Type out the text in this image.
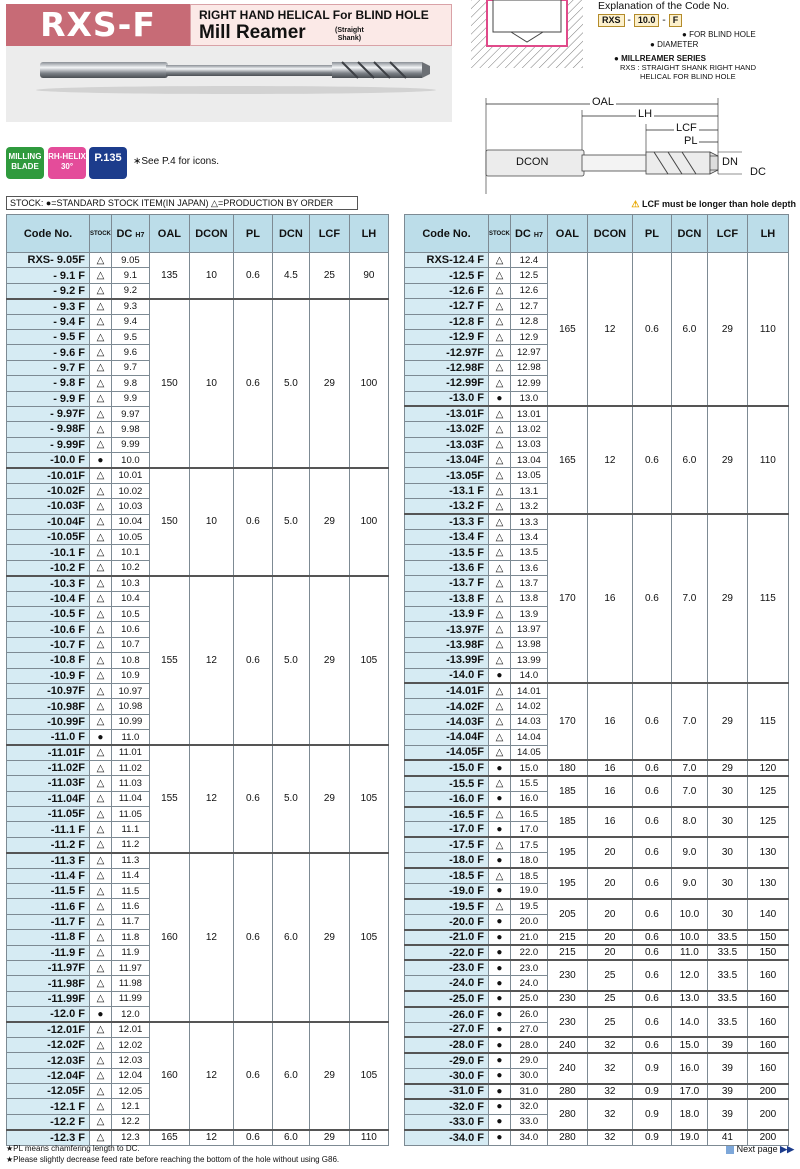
RXS-F	RIGHT HAND HELICAL For BLIND HOLE
Mill Reamer	(Straight
Shank)
MILLING BLADE
RH-HELIX 30°
P.135	∗See P.4 for icons.
Explanation of the Code No.
RXS - 10.0 - F
● FOR BLIND HOLE
● DIAMETER
● MILLREAMER SERIES
RXS : STRAIGHT SHANK RIGHT HAND
HELICAL FOR BLIND HOLE
OAL
LH
LCF
PL
DCON	DN
DC
STOCK: ●=STANDARD STOCK ITEM(IN JAPAN) △=PRODUCTION BY ORDER	⚠ LCF must be longer than hole depth
Code No.	STOCK	DC H7	OAL	DCON	PL	DCN	LCF	LH
RXS- 9.05F	△	9.05	135	10	0.6	4.5	25	90
- 9.1 F	△	9.1						
- 9.2 F	△	9.2						
- 9.3 F	△	9.3	150	10	0.6	5.0	29	100
- 9.4 F	△	9.4						
- 9.5 F	△	9.5						
- 9.6 F	△	9.6						
- 9.7 F	△	9.7						
- 9.8 F	△	9.8						
- 9.9 F	△	9.9						
- 9.97F	△	9.97						
- 9.98F	△	9.98						
- 9.99F	△	9.99						
-10.0 F	●	10.0						
-10.01F	△	10.01	150	10	0.6	5.0	29	100
-10.02F	△	10.02						
-10.03F	△	10.03						
-10.04F	△	10.04						
-10.05F	△	10.05						
-10.1 F	△	10.1						
-10.2 F	△	10.2						
-10.3 F	△	10.3	155	12	0.6	5.0	29	105
-10.4 F	△	10.4						
-10.5 F	△	10.5						
-10.6 F	△	10.6						
-10.7 F	△	10.7						
-10.8 F	△	10.8						
-10.9 F	△	10.9						
-10.97F	△	10.97						
-10.98F	△	10.98						
-10.99F	△	10.99						
-11.0 F	●	11.0						
-11.01F	△	11.01	155	12	0.6	5.0	29	105
-11.02F	△	11.02						
-11.03F	△	11.03						
-11.04F	△	11.04						
-11.05F	△	11.05						
-11.1 F	△	11.1						
-11.2 F	△	11.2						
-11.3 F	△	11.3	160	12	0.6	6.0	29	105
-11.4 F	△	11.4						
-11.5 F	△	11.5						
-11.6 F	△	11.6						
-11.7 F	△	11.7						
-11.8 F	△	11.8						
-11.9 F	△	11.9						
-11.97F	△	11.97						
-11.98F	△	11.98						
-11.99F	△	11.99						
-12.0 F	●	12.0						
-12.01F	△	12.01	160	12	0.6	6.0	29	105
-12.02F	△	12.02						
-12.03F	△	12.03						
-12.04F	△	12.04						
-12.05F	△	12.05						
-12.1 F	△	12.1						
-12.2 F	△	12.2						
-12.3 F	△	12.3	165	12	0.6	6.0	29	110
Code No.	STOCK	DC H7	OAL	DCON	PL	DCN	LCF	LH
RXS-12.4 F	△	12.4	165	12	0.6	6.0	29	110
-12.5 F	△	12.5						
-12.6 F	△	12.6						
-12.7 F	△	12.7						
-12.8 F	△	12.8						
-12.9 F	△	12.9						
-12.97F	△	12.97						
-12.98F	△	12.98						
-12.99F	△	12.99						
-13.0 F	●	13.0						
-13.01F	△	13.01	165	12	0.6	6.0	29	110
-13.02F	△	13.02						
-13.03F	△	13.03						
-13.04F	△	13.04						
-13.05F	△	13.05						
-13.1 F	△	13.1						
-13.2 F	△	13.2						
-13.3 F	△	13.3	170	16	0.6	7.0	29	115
-13.4 F	△	13.4						
-13.5 F	△	13.5						
-13.6 F	△	13.6						
-13.7 F	△	13.7						
-13.8 F	△	13.8						
-13.9 F	△	13.9						
-13.97F	△	13.97						
-13.98F	△	13.98						
-13.99F	△	13.99						
-14.0 F	●	14.0						
-14.01F	△	14.01	170	16	0.6	7.0	29	115
-14.02F	△	14.02						
-14.03F	△	14.03						
-14.04F	△	14.04						
-14.05F	△	14.05						
-15.0 F	●	15.0	180	16	0.6	7.0	29	120
-15.5 F	△	15.5	185	16	0.6	7.0	30	125
-16.0 F	●	16.0						
-16.5 F	△	16.5	185	16	0.6	8.0	30	125
-17.0 F	●	17.0						
-17.5 F	△	17.5	195	20	0.6	9.0	30	130
-18.0 F	●	18.0						
-18.5 F	△	18.5	195	20	0.6	9.0	30	130
-19.0 F	●	19.0						
-19.5 F	△	19.5	205	20	0.6	10.0	30	140
-20.0 F	●	20.0						
-21.0 F	●	21.0	215	20	0.6	10.0	33.5	150
-22.0 F	●	22.0	215	20	0.6	11.0	33.5	150
-23.0 F	●	23.0	230	25	0.6	12.0	33.5	160
-24.0 F	●	24.0						
-25.0 F	●	25.0	230	25	0.6	13.0	33.5	160
-26.0 F	●	26.0	230	25	0.6	14.0	33.5	160
-27.0 F	●	27.0						
-28.0 F	●	28.0	240	32	0.6	15.0	39	160
-29.0 F	●	29.0	240	32	0.9	16.0	39	160
-30.0 F	●	30.0						
-31.0 F	●	31.0	280	32	0.9	17.0	39	200
-32.0 F	●	32.0	280	32	0.9	18.0	39	200
-33.0 F	●	33.0						
-34.0 F	●	34.0	280	32	0.9	19.0	41	200
★PL means chamfering length to DC.
★Please slightly decrease feed rate before reaching the bottom of the hole without using G86.
Next page ▶▶
